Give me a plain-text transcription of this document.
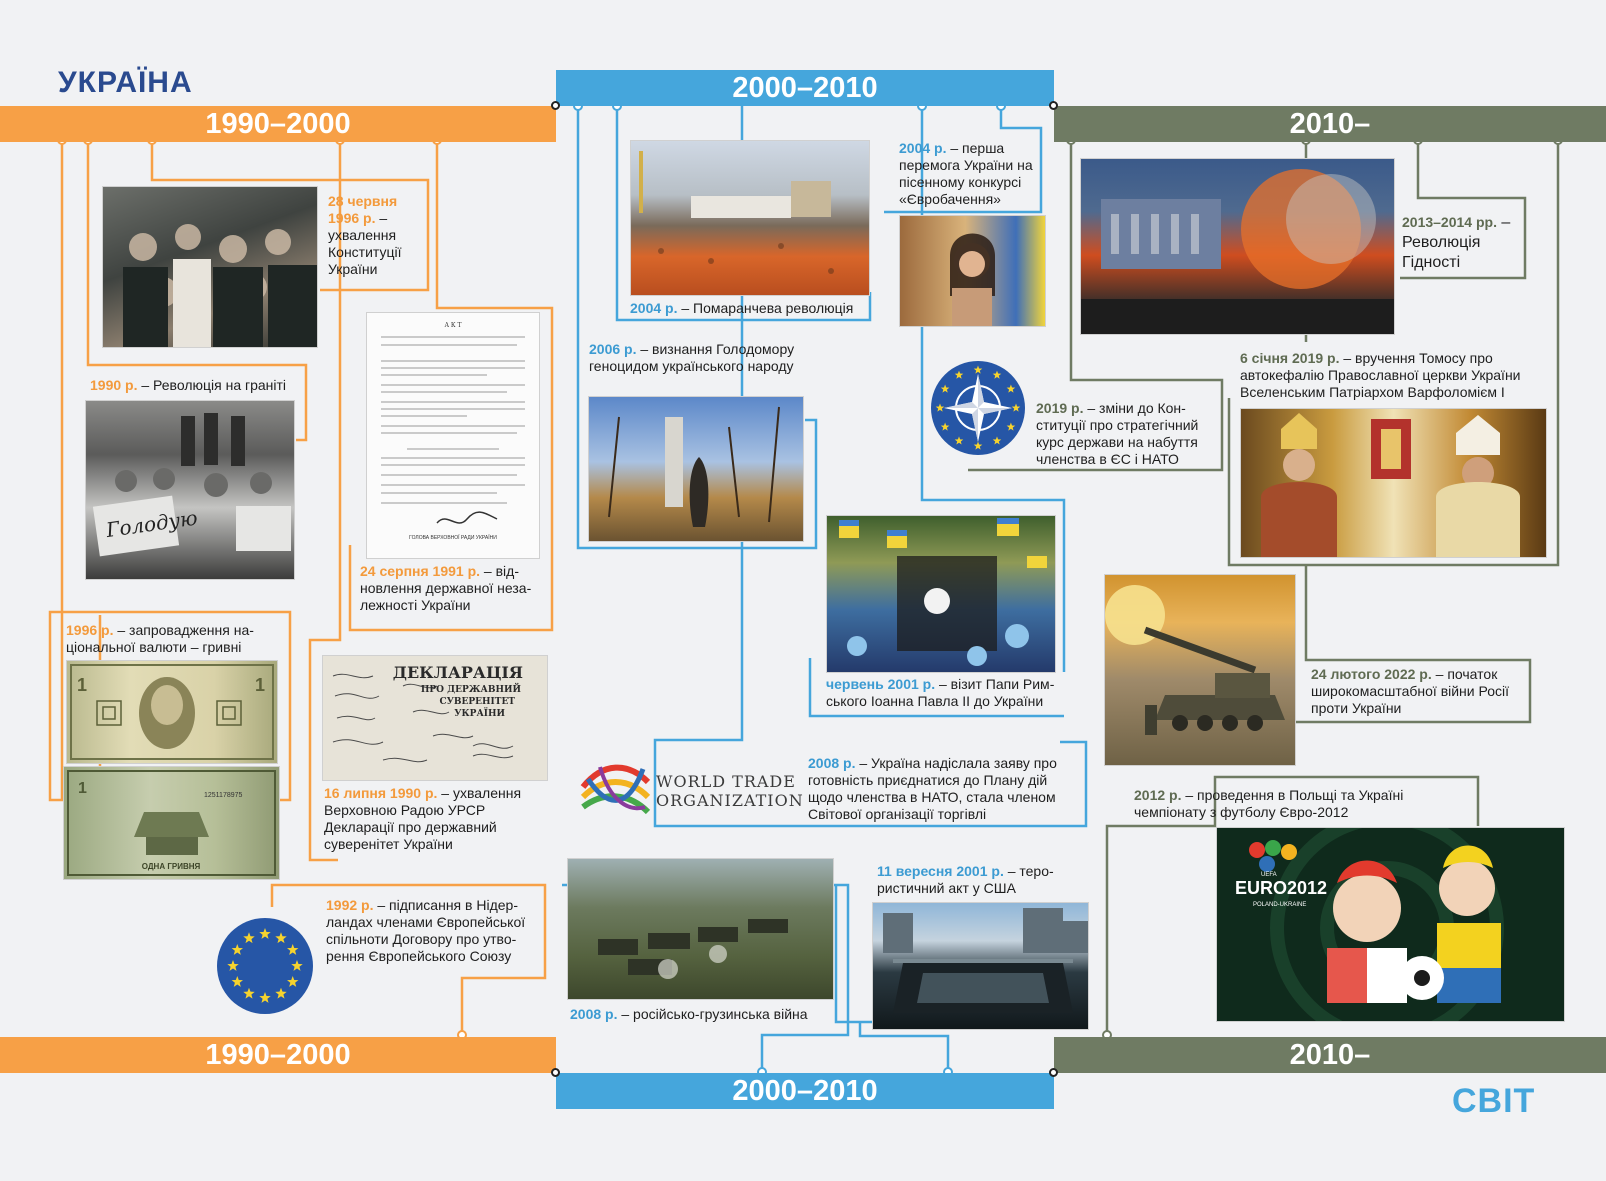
УКРАЇНА
СВІТ
1990–2000
2000–2010
2010–
1990–2000
2000–2010
2010–
28 червня 1996 р. – ухвалення Конституції України
1990 р. – Революція на граніті
Голодую
А К Т
ГОЛОВА ВЕРХОВНОЇ РАДИ УКРАЇНИ
24 серпня 1991 р. – відновлення державної незалежності України
1996 р. – запровадження національної валюти – гривні
1	1
1251178975
ОДНА ГРИВНЯ
1
ДЕКЛАРАЦІЯ
ПРО ДЕРЖАВНИЙ
СУВЕРЕНІТЕТ
УКРАЇНИ
16 липня 1990 р. – ухвалення Верховною Радою УРСР Декларації про державний суверенітет України
1992 р. – підписання в Нідерландах членами Європейської спільноти Договору про утворення Європейського Союзу
2004 р. – Помаранчева революція
2006 р. – визнання Голодомору геноцидом українського народу
2004 р. – перша перемога України на пісенному конкурсі «Євробачення»
2019 р. – зміни до Конституції про стратегічний курс держави на набуття членства в ЄС і НАТО
червень 2001 р. – візит Папи Римського Іоанна Павла ІІ до України
WORLD TRADE
ORGANIZATION
2008 р. – Україна надіслала заяву про готовність приєднатися до Плану дій щодо членства в НАТО, стала членом Світової організації торгівлі
2008 р. – російсько-грузинська війна
11 вересня 2001 р. – терористичний акт у США
2013–2014 рр. – Революція Гідності
6 січня 2019 р. – вручення Томосу про автокефалію Православної церкви України Вселенським Патріархом Варфоломієм І
24 лютого 2022 р. – початок широкомасштабної війни Росії проти України
2012 р. – проведення в Польщі та Україні чемпіонату з футболу Євро-2012
EURO2012
POLAND-UKRAINE
UEFA
